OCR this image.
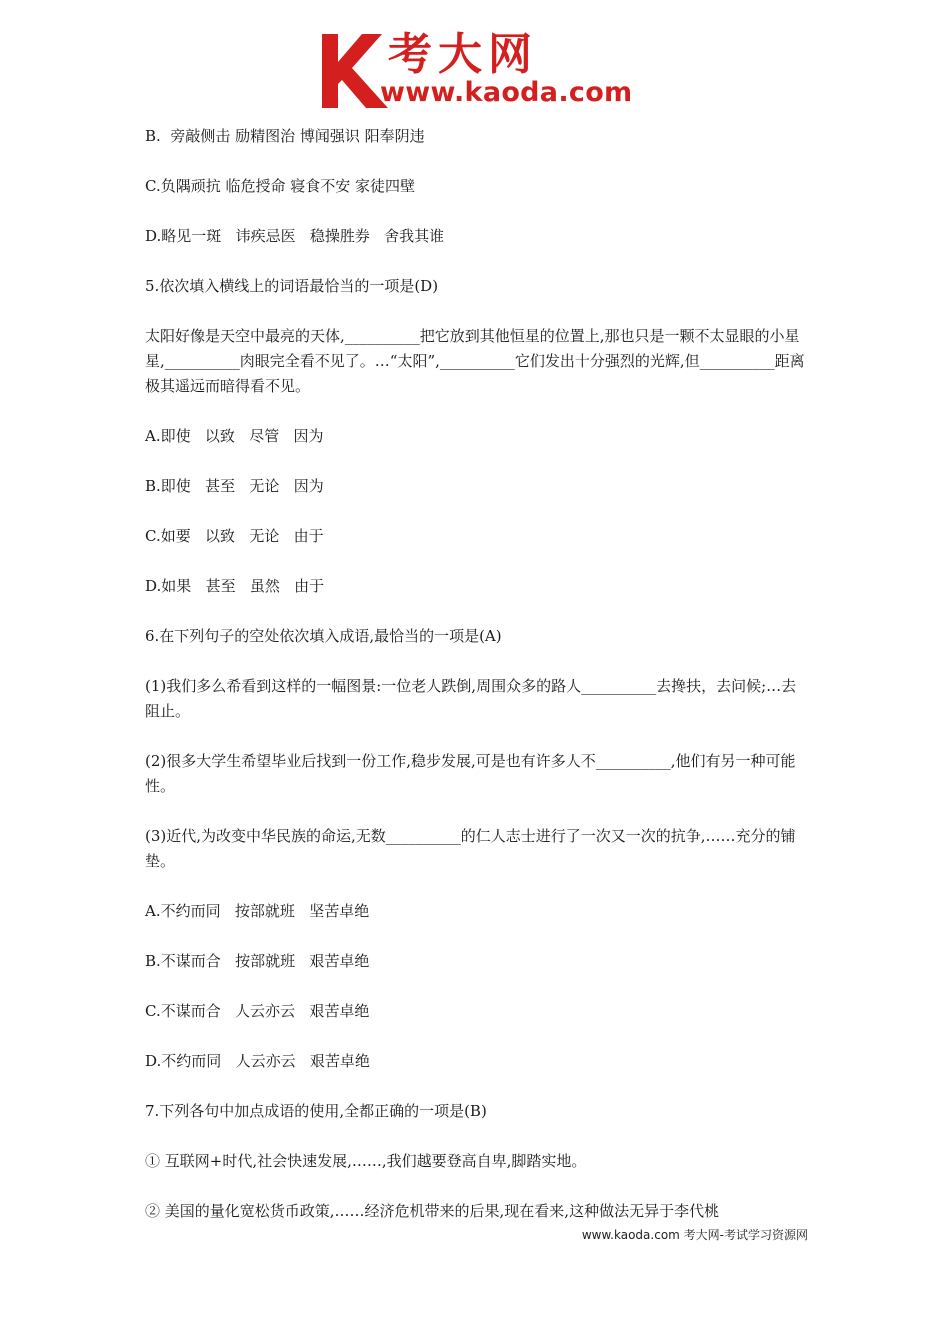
考大网
www.kaoda.com

B.  旁敲侧击 励精图治 博闻强识 阳奉阴违

C.负隅顽抗 临危授命 寝食不安 家徒四壁

D.略见一斑   讳疾忌医   稳操胜券   舍我其谁

5.依次填入横线上的词语最恰当的一项是(D)

太阳好像是天空中最亮的天体,__________把它放到其他恒星的位置上,那也只是一颗不太显眼的小星星,__________肉眼完全看不见了。…“太阳”,__________它们发出十分强烈的光辉,但__________距离极其遥远而暗得看不见。

A.即使   以致   尽管   因为

B.即使   甚至   无论   因为

C.如要   以致   无论   由于

D.如果   甚至   虽然   由于

6.在下列句子的空处依次填入成语,最恰当的一项是(A)

(1)我们多么希看到这样的一幅图景:一位老人跌倒,周围众多的路人__________去搀扶，去问候;…去阻止。

(2)很多大学生希望毕业后找到一份工作,稳步发展,可是也有许多人不__________,他们有另一种可能性。

(3)近代,为改变中华民族的命运,无数__________的仁人志士进行了一次又一次的抗争,……充分的铺垫。

A.不约而同   按部就班   坚苦卓绝

B.不谋而合   按部就班   艰苦卓绝

C.不谋而合   人云亦云   艰苦卓绝

D.不约而同   人云亦云   艰苦卓绝

7.下列各句中加点成语的使用,全都正确的一项是(B)

① 互联网+时代,社会快速发展,……,我们越要登高自卑,脚踏实地。

② 美国的量化宽松货币政策,……经济危机带来的后果,现在看来,这种做法无异于李代桃

www.kaoda.com 考大网-考试学习资源网
